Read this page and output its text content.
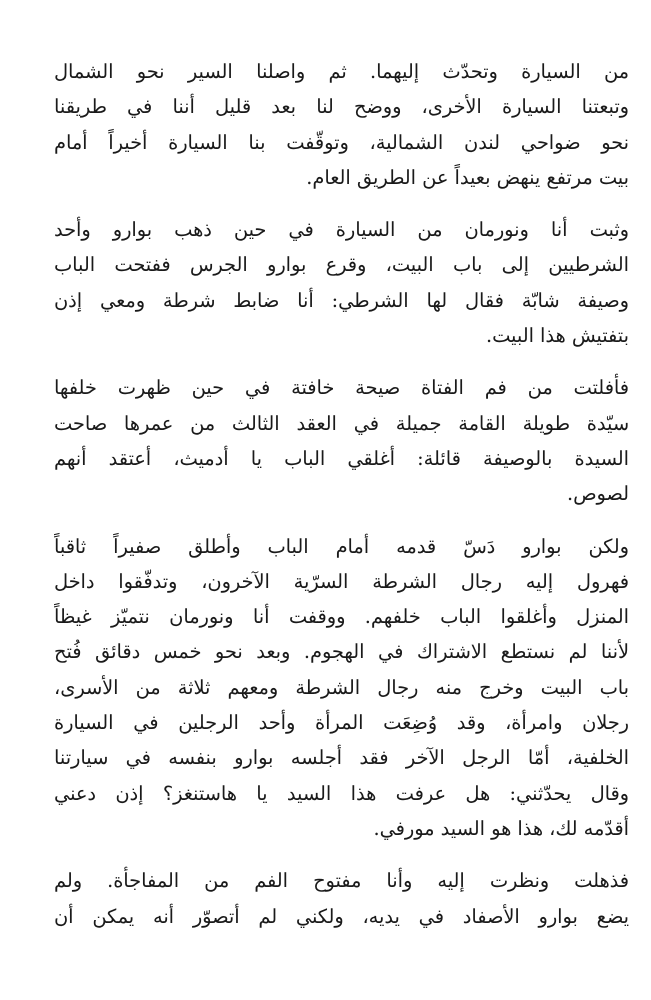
من السيارة وتحدّث إليهما. ثم واصلنا السير نحو الشمال
وتبعتنا السيارة الأخرى، ووضح لنا بعد قليل أننا في طريقنا
نحو ضواحي لندن الشمالية، وتوقّفت بنا السيارة أخيراً أمام
بيت مرتفع ينهض بعيداً عن الطريق العام.

وثبت أنا ونورمان من السيارة في حين ذهب بوارو وأحد
الشرطيين إلى باب البيت، وقرع بوارو الجرس ففتحت الباب
وصيفة شابّة فقال لها الشرطي: أنا ضابط شرطة ومعي إذن
بتفتيش هذا البيت.

فأفلتت من فم الفتاة صيحة خافتة في حين ظهرت خلفها
سيّدة طويلة القامة جميلة في العقد الثالث من عمرها صاحت
السيدة بالوصيفة قائلة: أغلقي الباب يا أدميث، أعتقد أنهم
لصوص.

ولكن بوارو دَسّ قدمه أمام الباب وأطلق صفيراً ثاقباً
فهرول إليه رجال الشرطة السرّية الآخرون، وتدفّقوا داخل
المنزل وأغلقوا الباب خلفهم. ووقفت أنا ونورمان نتميّز غيظاً
لأننا لم نستطع الاشتراك في الهجوم. وبعد نحو خمس دقائق فُتح
باب البيت وخرج منه رجال الشرطة ومعهم ثلاثة من الأسرى،
رجلان وامرأة، وقد وُضِعَت المرأة وأحد الرجلين في السيارة
الخلفية، أمّا الرجل الآخر فقد أجلسه بوارو بنفسه في سيارتنا
وقال يحدّثني: هل عرفت هذا السيد يا هاستنغز؟ إذن دعني
أقدّمه لك، هذا هو السيد مورفي.

فذهلت ونظرت إليه وأنا مفتوح الفم من المفاجأة. ولم
يضع بوارو الأصفاد في يديه، ولكني لم أتصوّر أنه يمكن أن
